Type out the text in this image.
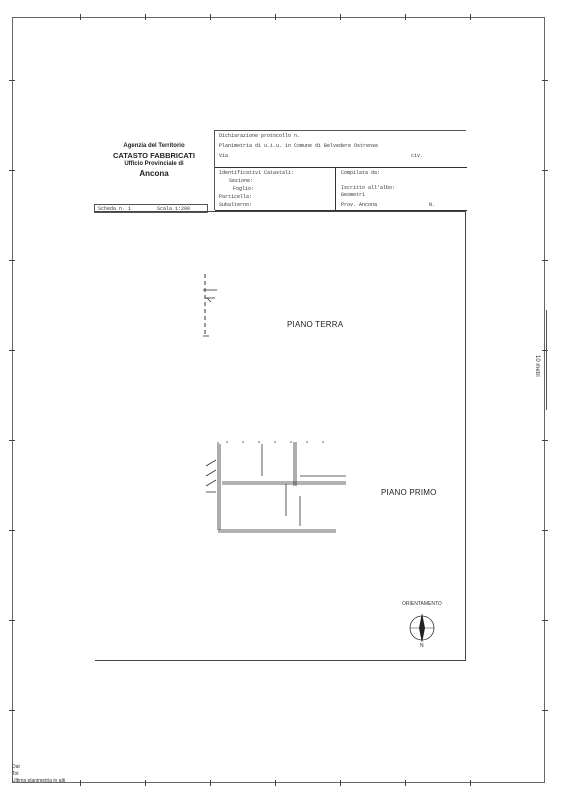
10 metri
Agenzia del Territorio
CATASTO FABBRICATI
Ufficio Provinciale di
Ancona
Dichiarazione protocollo n.
Planimetria di u.i.u. in Comune di Belvedere Ostrense
Via	civ.
Identificativi Catastali:
Sezione:
Foglio:
Particella:
Subalterno:
Compilata da:
Iscritto all'albo:
Geometri
Prov. Ancona	N.
Scheda n. 1	Scala 1:200
PIANO TERRA
PIANO PRIMO
ORIENTAMENTO
N
Dat
Tot
Ultima planimetria in atti
